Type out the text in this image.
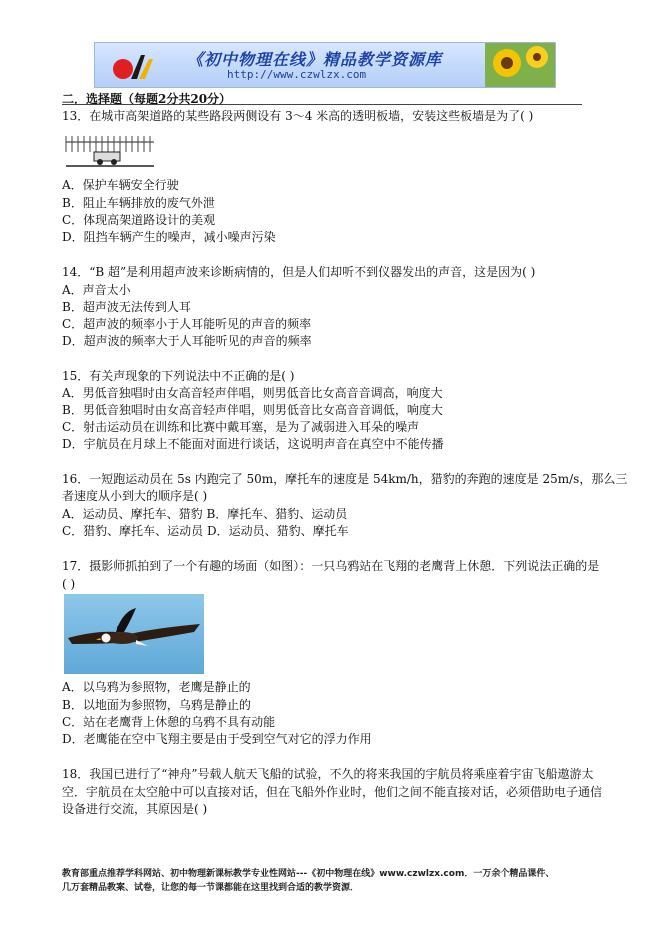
《初中物理在线》精品教学资源库
http://www.czwlzx.com
二．选择题（每题2分共20分）
13．在城市高架道路的某些路段两侧设有 3～4 米高的透明板墙，安装这些板墙是为了( )
A．保护车辆安全行驶
B．阻止车辆排放的废气外泄
C．体现高架道路设计的美观
D．阻挡车辆产生的噪声，减小噪声污染
14．“B 超”是利用超声波来诊断病情的，但是人们却听不到仪器发出的声音，这是因为( )
A．声音太小
B．超声波无法传到人耳
C．超声波的频率小于人耳能听见的声音的频率
D．超声波的频率大于人耳能听见的声音的频率
15．有关声现象的下列说法中不正确的是( )
A．男低音独唱时由女高音轻声伴唱，则男低音比女高音音调高，响度大
B．男低音独唱时由女高音轻声伴唱，则男低音比女高音音调低，响度大
C．射击运动员在训练和比赛中戴耳塞，是为了减弱进入耳朵的噪声
D．宇航员在月球上不能面对面进行谈话，这说明声音在真空中不能传播
16．一短跑运动员在 5s 内跑完了 50m，摩托车的速度是 54km/h，猎豹的奔跑的速度是 25m/s，那么三
者速度从小到大的顺序是( )
A．运动员、摩托车、猎豹 B．摩托车、猎豹、运动员
C．猎豹、摩托车、运动员 D．运动员、猎豹、摩托车
17．摄影师抓拍到了一个有趣的场面（如图）：一只乌鸦站在飞翔的老鹰背上休憩．下列说法正确的是
( )
A．以乌鸦为参照物，老鹰是静止的
B．以地面为参照物，乌鸦是静止的
C．站在老鹰背上休憩的乌鸦不具有动能
D．老鹰能在空中飞翔主要是由于受到空气对它的浮力作用
18．我国已进行了“神舟”号载人航天飞船的试验，不久的将来我国的宇航员将乘座着宇宙飞船遨游太
空．宇航员在太空舱中可以直接对话，但在飞船外作业时，他们之间不能直接对话，必须借助电子通信
设备进行交流，其原因是( )
教育部重点推荐学科网站、初中物理新课标教学专业性网站---《初中物理在线》www.czwlzx.com．一万余个精品课件、
几万套精品教案、试卷，让您的每一节课都能在这里找到合适的教学资源．
